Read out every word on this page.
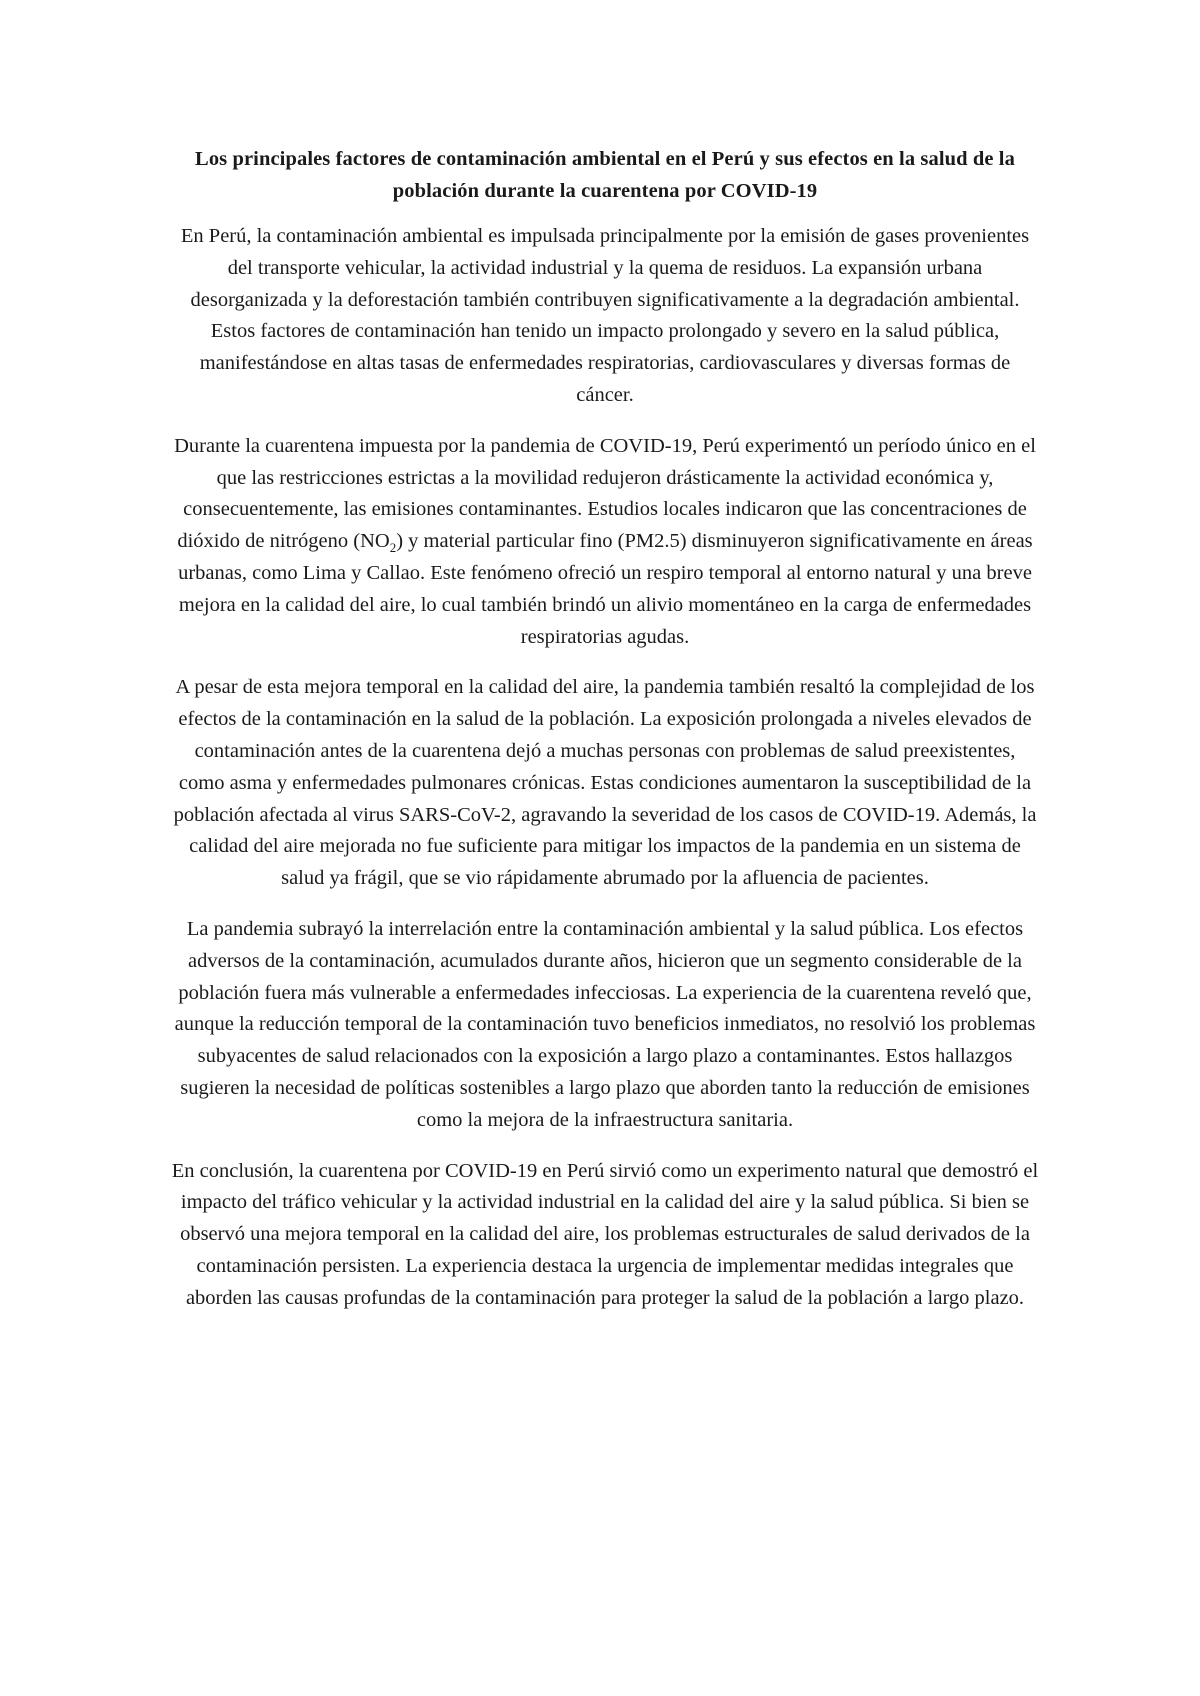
Los principales factores de contaminación ambiental en el Perú y sus efectos en la salud de la población durante la cuarentena por COVID-19

En Perú, la contaminación ambiental es impulsada principalmente por la emisión de gases provenientes del transporte vehicular, la actividad industrial y la quema de residuos. La expansión urbana desorganizada y la deforestación también contribuyen significativamente a la degradación ambiental. Estos factores de contaminación han tenido un impacto prolongado y severo en la salud pública, manifestándose en altas tasas de enfermedades respiratorias, cardiovasculares y diversas formas de cáncer.

Durante la cuarentena impuesta por la pandemia de COVID-19, Perú experimentó un período único en el que las restricciones estrictas a la movilidad redujeron drásticamente la actividad económica y, consecuentemente, las emisiones contaminantes. Estudios locales indicaron que las concentraciones de dióxido de nitrógeno $(NO_2)$ y material particular fino (PM2.5) disminuyeron significativamente en áreas urbanas, como Lima y Callao. Este fenómeno ofreció un respiro temporal al entorno natural y una breve mejora en la calidad del aire, lo cual también brindó un alivio momentáneo en la carga de enfermedades respiratorias agudas.

A pesar de esta mejora temporal en la calidad del aire, la pandemia también resaltó la complejidad de los efectos de la contaminación en la salud de la población. La exposición prolongada a niveles elevados de contaminación antes de la cuarentena dejó a muchas personas con problemas de salud preexistentes, como asma y enfermedades pulmonares crónicas. Estas condiciones aumentaron la susceptibilidad de la población afectada al virus SARS-CoV-2, agravando la severidad de los casos de COVID-19. Además, la calidad del aire mejorada no fue suficiente para mitigar los impactos de la pandemia en un sistema de salud ya frágil, que se vio rápidamente abrumado por la afluencia de pacientes.

La pandemia subrayó la interrelación entre la contaminación ambiental y la salud pública. Los efectos adversos de la contaminación, acumulados durante años, hicieron que un segmento considerable de la población fuera más vulnerable a enfermedades infecciosas. La experiencia de la cuarentena reveló que, aunque la reducción temporal de la contaminación tuvo beneficios inmediatos, no resolvió los problemas subyacentes de salud relacionados con la exposición a largo plazo a contaminantes. Estos hallazgos sugieren la necesidad de políticas sostenibles a largo plazo que aborden tanto la reducción de emisiones como la mejora de la infraestructura sanitaria.

En conclusión, la cuarentena por COVID-19 en Perú sirvió como un experimento natural que demostró el impacto del tráfico vehicular y la actividad industrial en la calidad del aire y la salud pública. Si bien se observó una mejora temporal en la calidad del aire, los problemas estructurales de salud derivados de la contaminación persisten. La experiencia destaca la urgencia de implementar medidas integrales que aborden las causas profundas de la contaminación para proteger la salud de la población a largo plazo.
